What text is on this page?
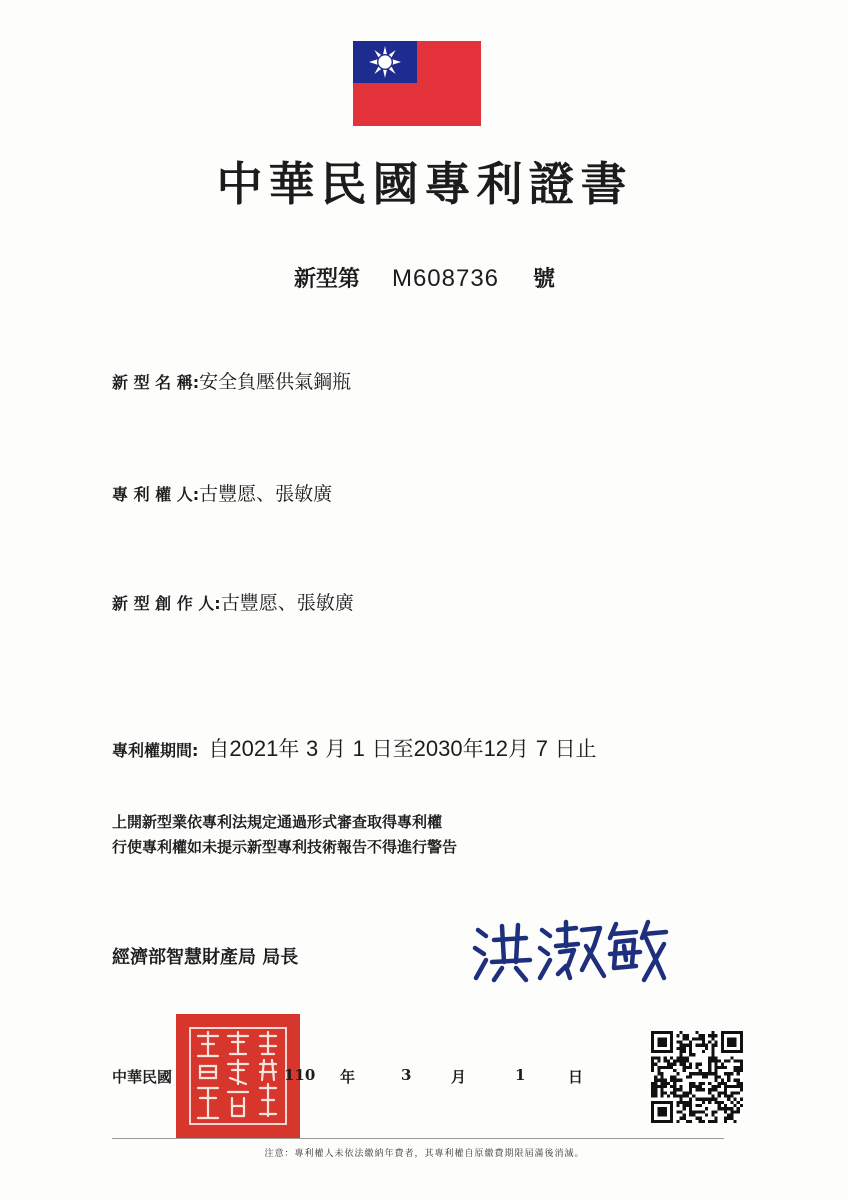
中華民國專利證書
新型第 M608736 號
新 型 名 稱:安全負壓供氣鋼瓶
專 利 權 人:古豐愿、張敏廣
新 型 創 作 人:古豐愿、張敏廣
專利權期間: 自2021年 3 月 1 日至2030年12月 7 日止
上開新型業依專利法規定通過形式審查取得專利權
行使專利權如未提示新型專利技術報告不得進行警告
經濟部智慧財產局 局長
中華民國	110 年	3	月	1	日
注意：專利權人未依法繳納年費者，其專利權自原繳費期限屆滿後消滅。
